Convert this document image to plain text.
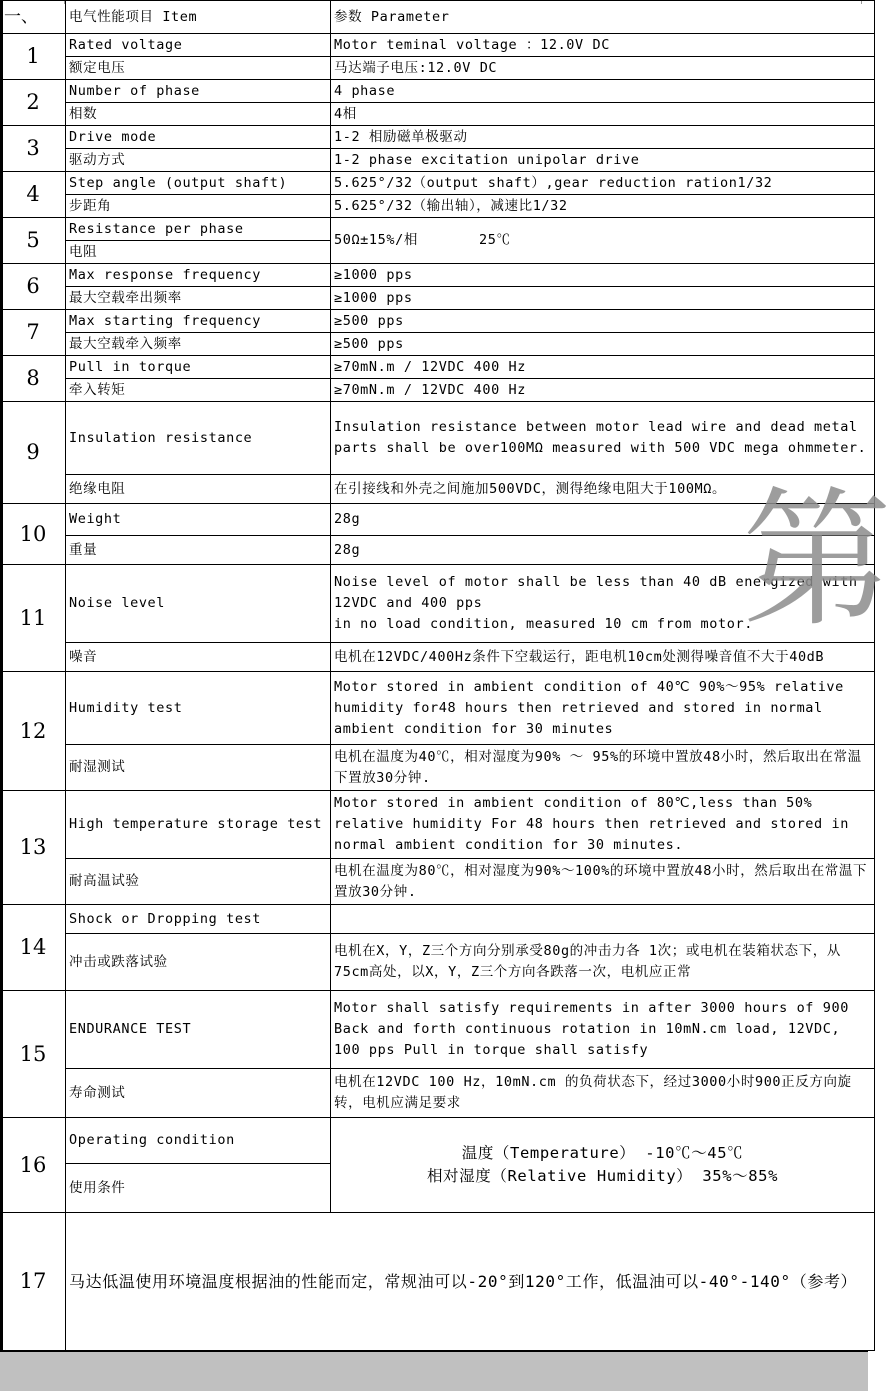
一、	电气性能项目 Item	参数 Parameter
1	Rated voltage	Motor teminal voltage ：12.0V DC
	额定电压	马达端子电压:12.0V DC
2	Number of phase	4 phase
	相数	4相
3	Drive mode	1-2 相励磁单极驱动
	驱动方式	1-2 phase excitation unipolar drive
4	Step angle (output shaft)	5.625°/32（output shaft）,gear reduction ration1/32
	步距角	5.625°/32（输出轴），减速比1/32
5	Resistance per phase	50Ω±15%/相       25℃
	电阻	
6	Max response frequency	≥1000 pps
	最大空载牵出频率	≥1000 pps
7	Max starting frequency	≥500 pps
	最大空载牵入频率	≥500 pps
8	Pull in torque	≥70mN.m / 12VDC 400 Hz
	牵入转矩	≥70mN.m / 12VDC 400 Hz
9	Insulation resistance	Insulation resistance between motor lead wire and dead metal parts shall be over100MΩ measured with 500 VDC mega ohmmeter.
	绝缘电阻	在引接线和外壳之间施加500VDC，测得绝缘电阻大于100MΩ。
10	Weight	28g
	重量	28g
11	Noise level	Noise level of motor shall be less than 40 dB energized with 12VDC and 400 pps
in no load condition, measured 10 cm from motor.
	噪音	电机在12VDC/400Hz条件下空载运行，距电机10cm处测得噪音值不大于40dB
12	Humidity test	Motor stored in ambient condition of 40℃ 90%～95% relative humidity for48 hours then retrieved and stored in normal ambient condition for 30 minutes
	耐湿测试	电机在温度为40℃，相对湿度为90% ～ 95%的环境中置放48小时，然后取出在常温下置放30分钟.
13	High temperature storage test	Motor stored in ambient condition of 80℃,less than 50% relative humidity For 48 hours then retrieved and stored in normal ambient condition for 30 minutes.
	耐高温试验	电机在温度为80℃，相对湿度为90%～100%的环境中置放48小时，然后取出在常温下置放30分钟.
14	Shock or Dropping test	
	冲击或跌落试验	电机在X，Y，Z三个方向分别承受80g的冲击力各 1次；或电机在装箱状态下，从75cm高处，以X，Y，Z三个方向各跌落一次，电机应正常
15	ENDURANCE TEST	Motor shall satisfy requirements in after 3000 hours of 900 Back and forth continuous rotation in 10mN.cm load, 12VDC, 100 pps Pull in torque shall satisfy
	寿命测试	电机在12VDC 100 Hz，10mN.cm 的负荷状态下，经过3000小时900正反方向旋转，电机应满足要求
16	Operating condition	温度（Temperature） -10℃～45℃
相对湿度（Relative Humidity） 35%～85%

	使用条件	
17	马达低温使用环境温度根据油的性能而定，常规油可以-20°到120°工作，低温油可以-40°-140°（参考）	
第
